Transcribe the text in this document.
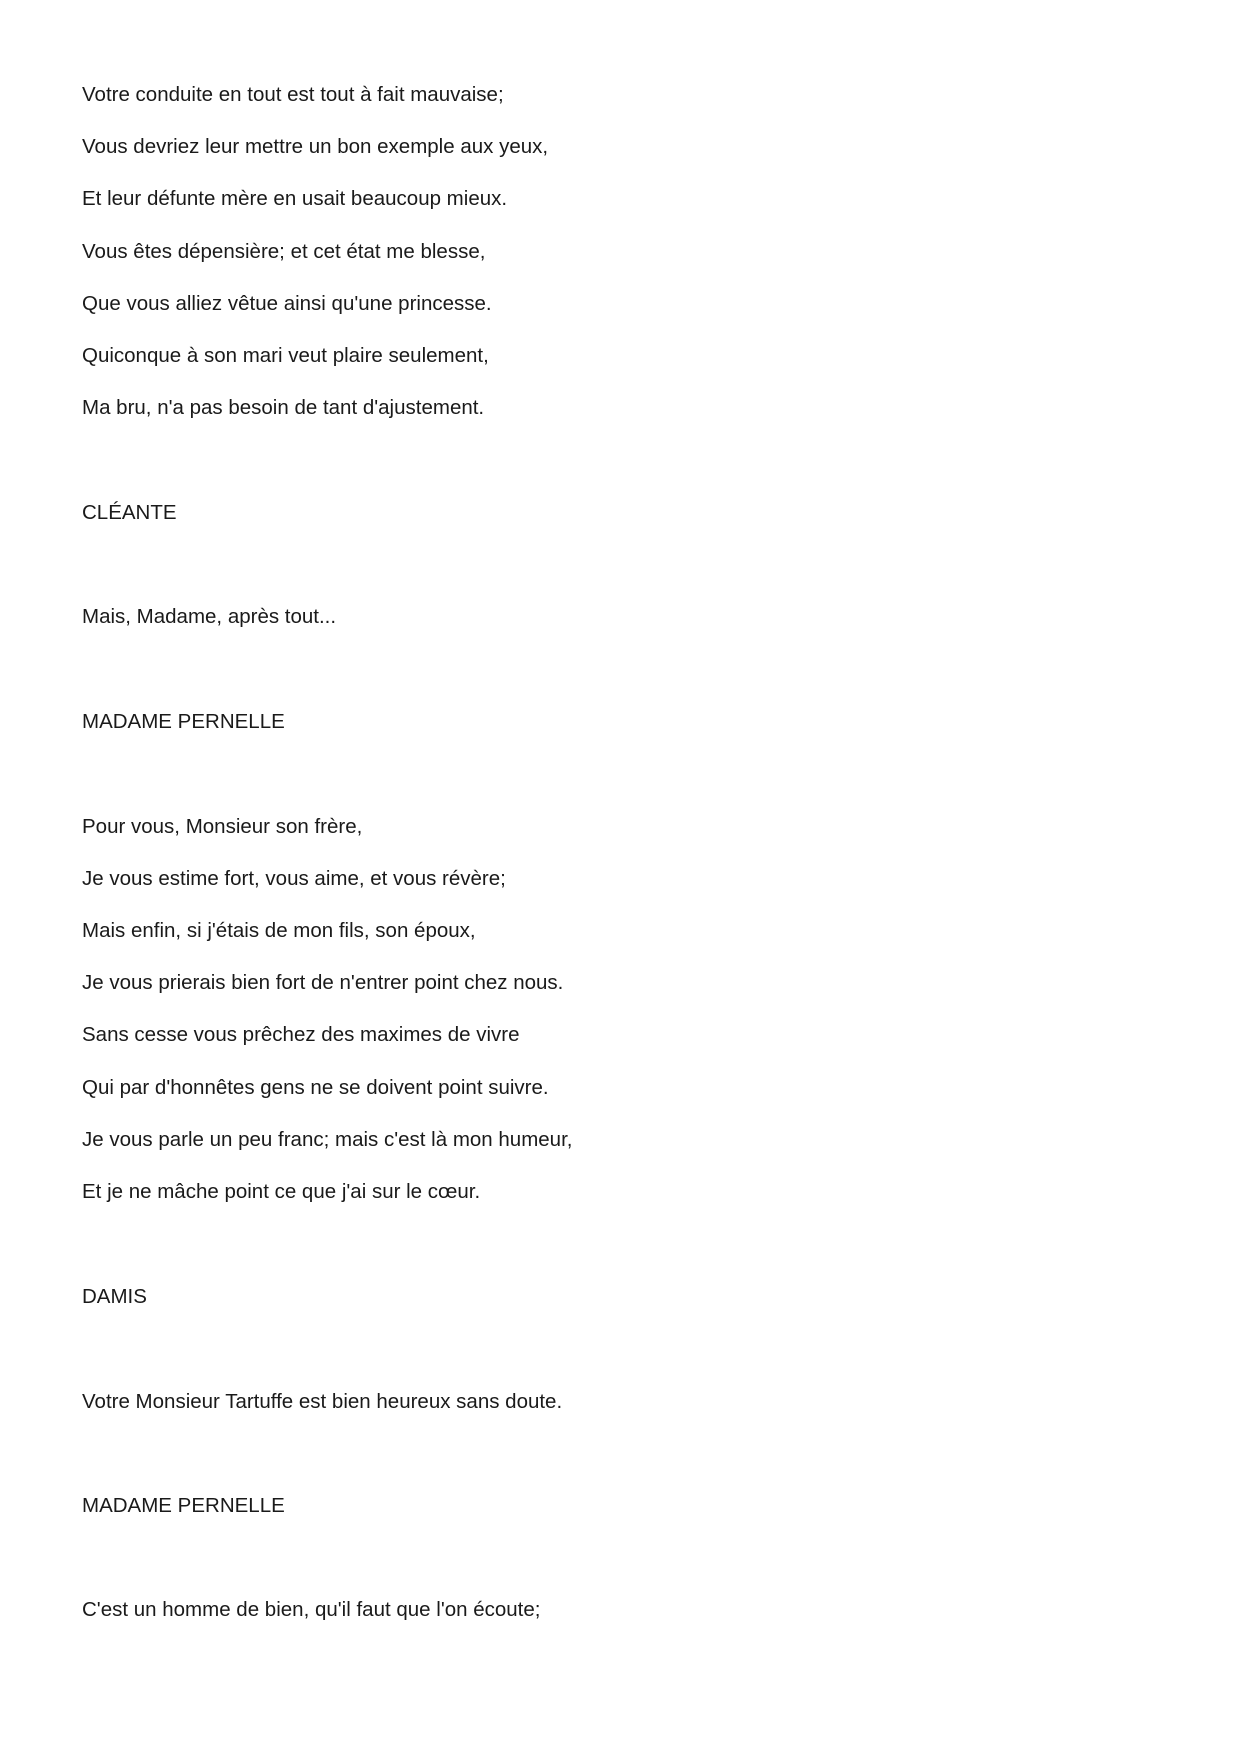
Votre conduite en tout est tout à fait mauvaise;

Vous devriez leur mettre un bon exemple aux yeux,

Et leur défunte mère en usait beaucoup mieux.

Vous êtes dépensière; et cet état me blesse,

Que vous alliez vêtue ainsi qu'une princesse.

Quiconque à son mari veut plaire seulement,

Ma bru, n'a pas besoin de tant d'ajustement.

CLÉANTE

Mais, Madame, après tout...

MADAME PERNELLE

Pour vous, Monsieur son frère,

Je vous estime fort, vous aime, et vous révère;

Mais enfin, si j'étais de mon fils, son époux,

Je vous prierais bien fort de n'entrer point chez nous.

Sans cesse vous prêchez des maximes de vivre

Qui par d'honnêtes gens ne se doivent point suivre.

Je vous parle un peu franc; mais c'est là mon humeur,

Et je ne mâche point ce que j'ai sur le cœur.

DAMIS

Votre Monsieur Tartuffe est bien heureux sans doute.

MADAME PERNELLE

C'est un homme de bien, qu'il faut que l'on écoute;
